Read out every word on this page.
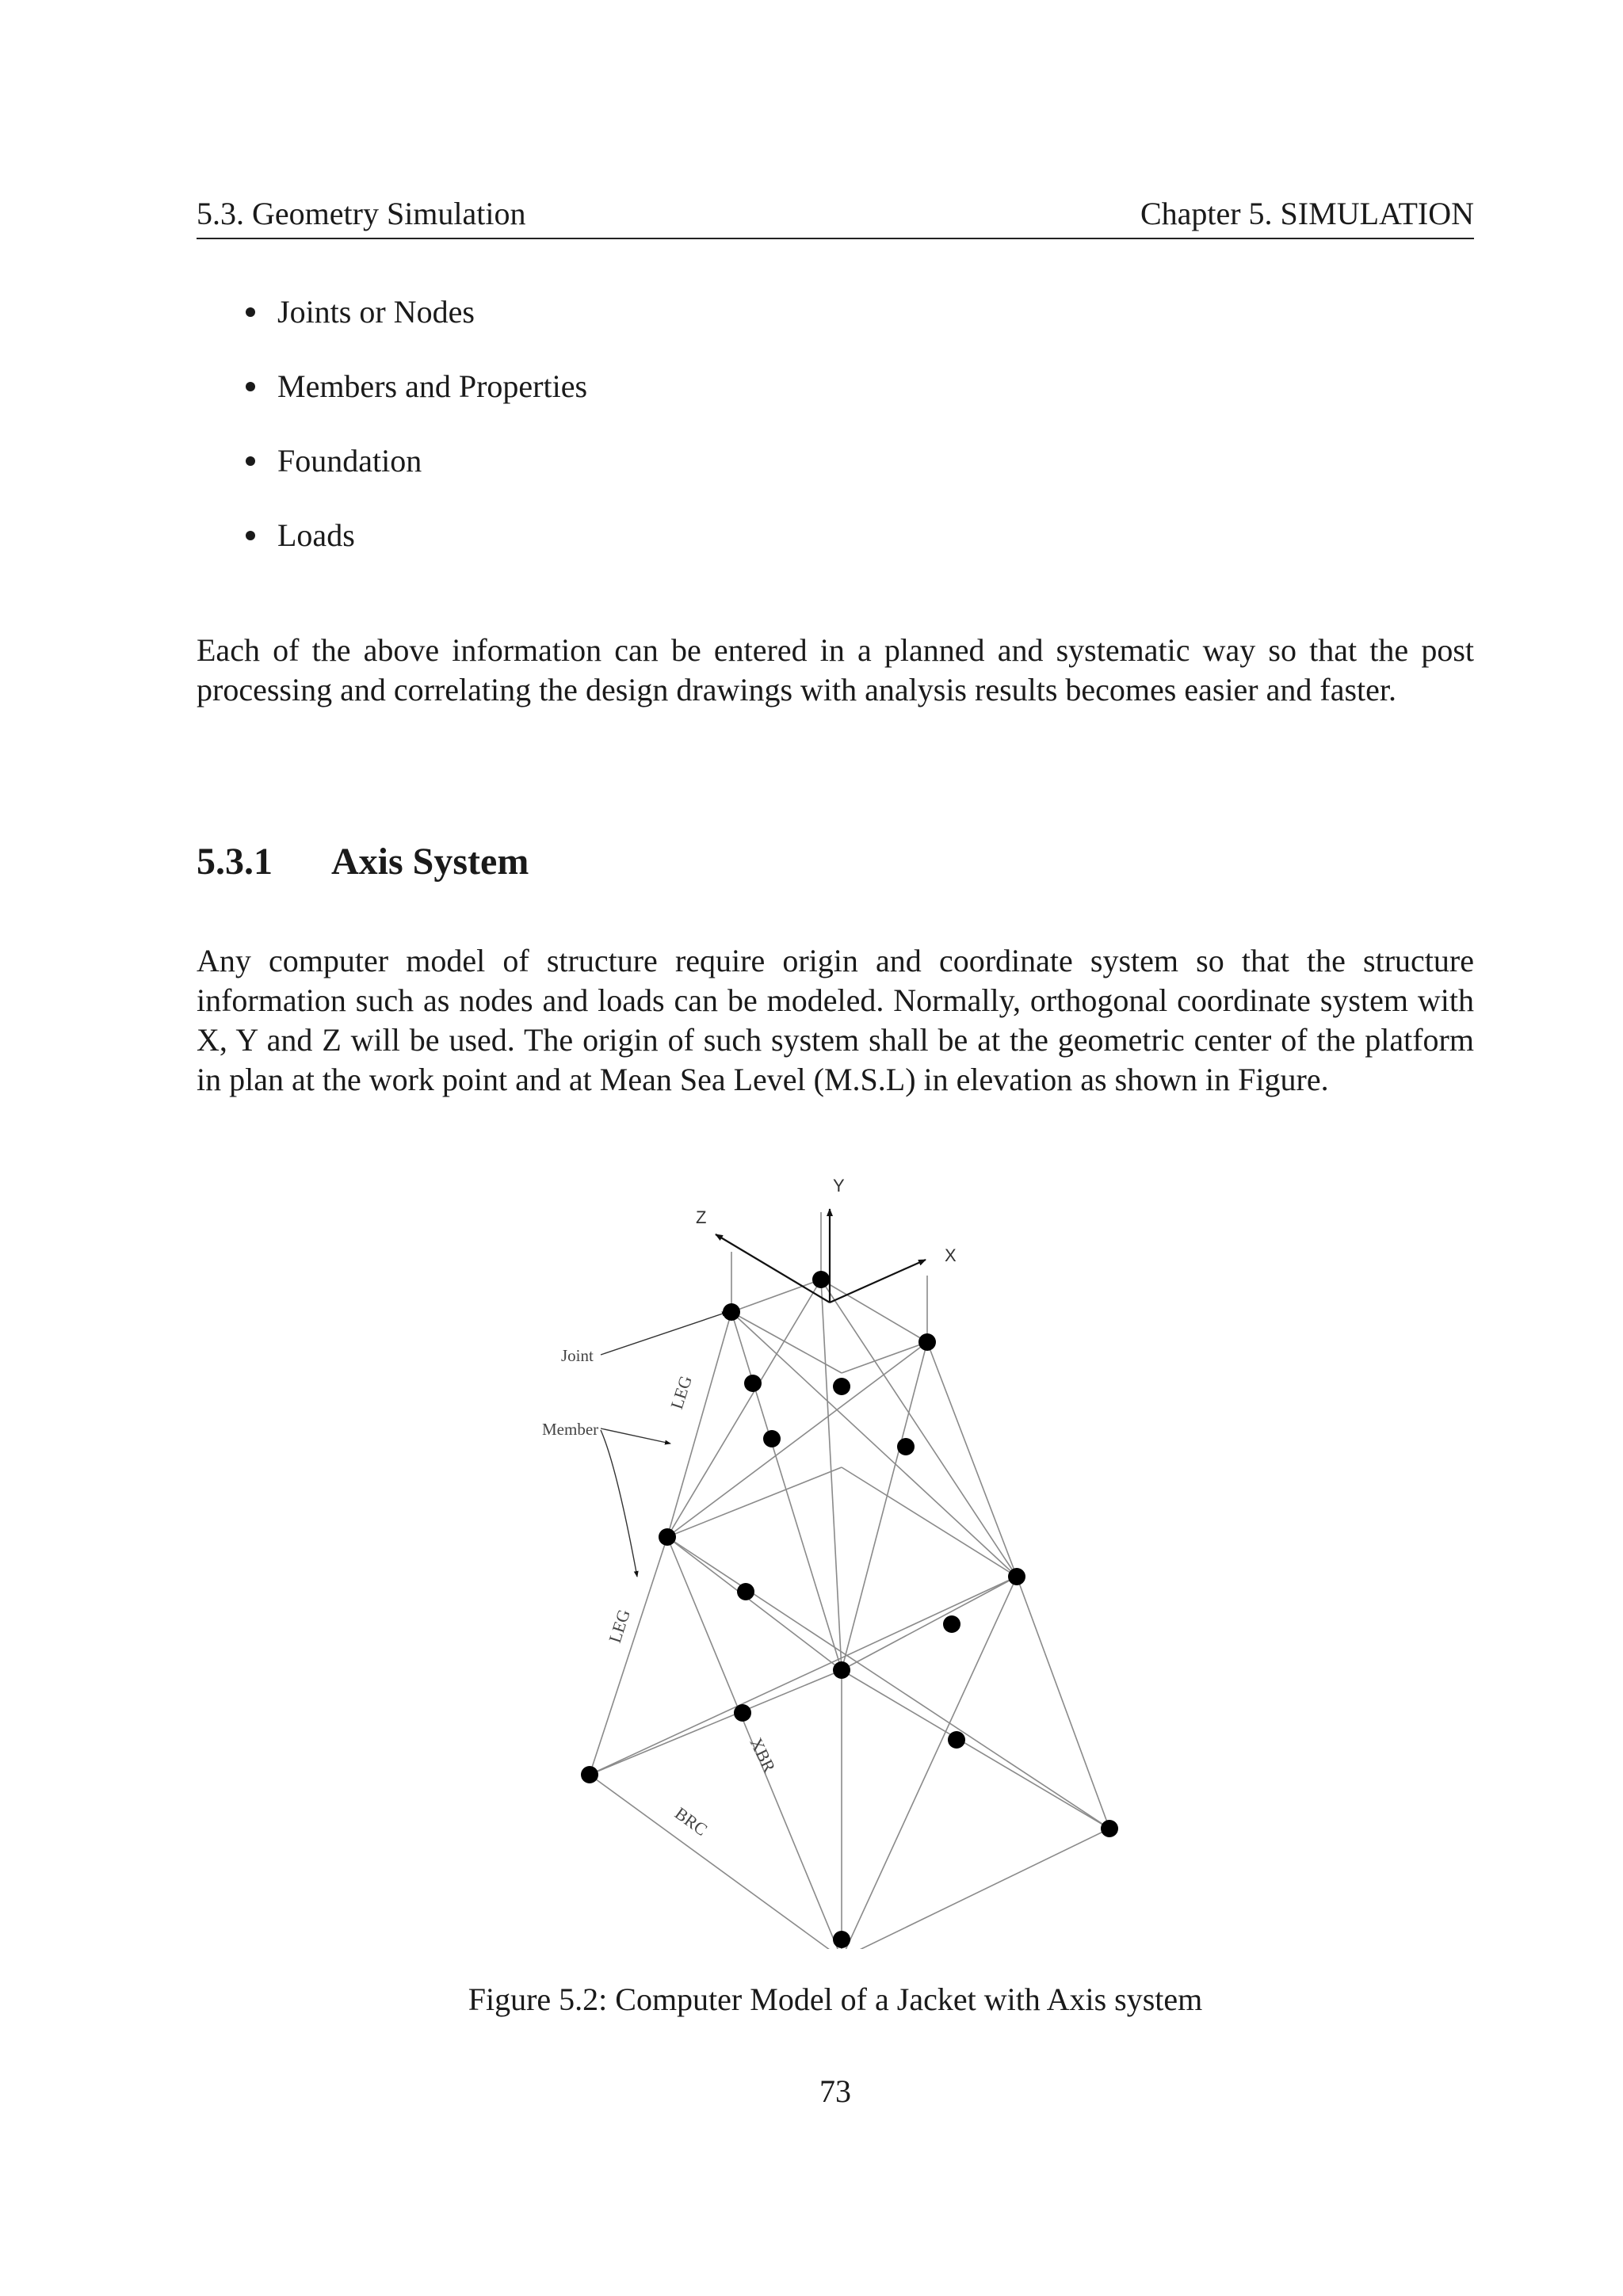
5.3. Geometry Simulation	Chapter 5. SIMULATION
Joints or Nodes
Members and Properties
Foundation
Loads

Each of the above information can be entered in a planned and systematic way so that the post processing and correlating the design drawings with analysis results becomes easier and faster.

5.3.1 Axis System

Any computer model of structure require origin and coordinate system so that the structure information such as nodes and loads can be modeled. Normally, orthogonal coordinate system with X, Y and Z will be used. The origin of such system shall be at the geometric center of the platform in plan at the work point and at Mean Sea Level (M.S.L) in elevation as shown in Figure.

Y
Z
X
Joint
Member
LEG
LEG
XBR
BRC
Figure 5.2: Computer Model of a Jacket with Axis system
73
